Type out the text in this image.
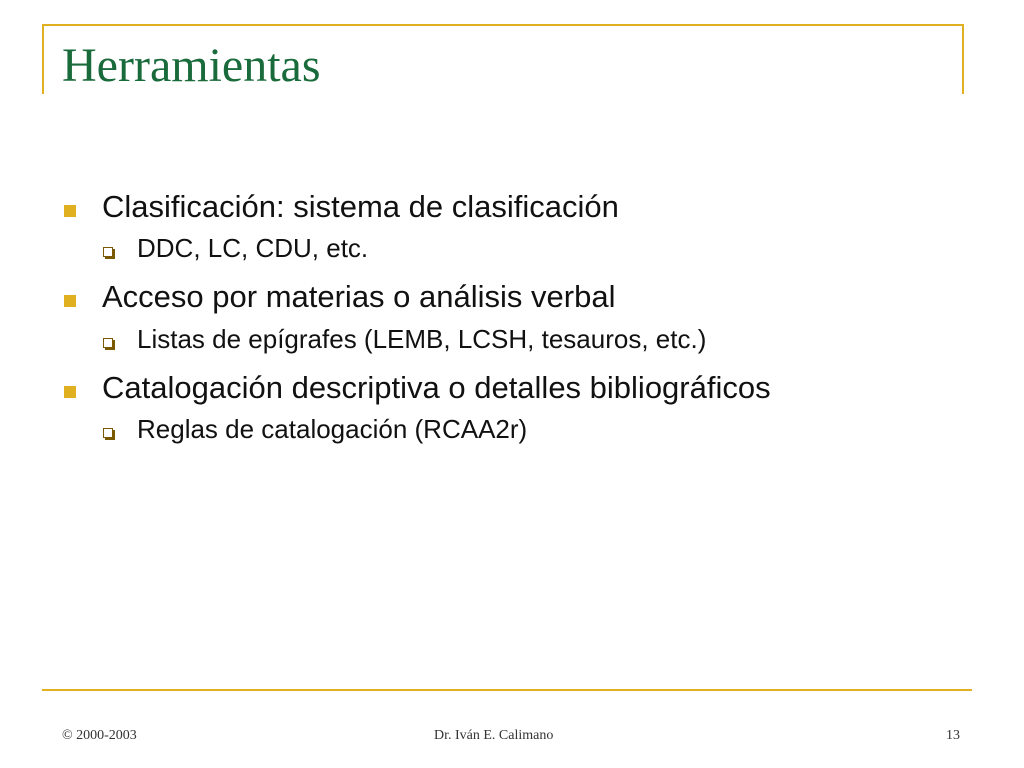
Herramientas
Clasificación: sistema de clasificación
DDC, LC, CDU, etc.
Acceso por materias o análisis verbal
Listas de epígrafes (LEMB, LCSH, tesauros, etc.)
Catalogación descriptiva o detalles bibliográficos
Reglas de catalogación (RCAA2r)
© 2000-2003	Dr. Iván E. Calimano	13
